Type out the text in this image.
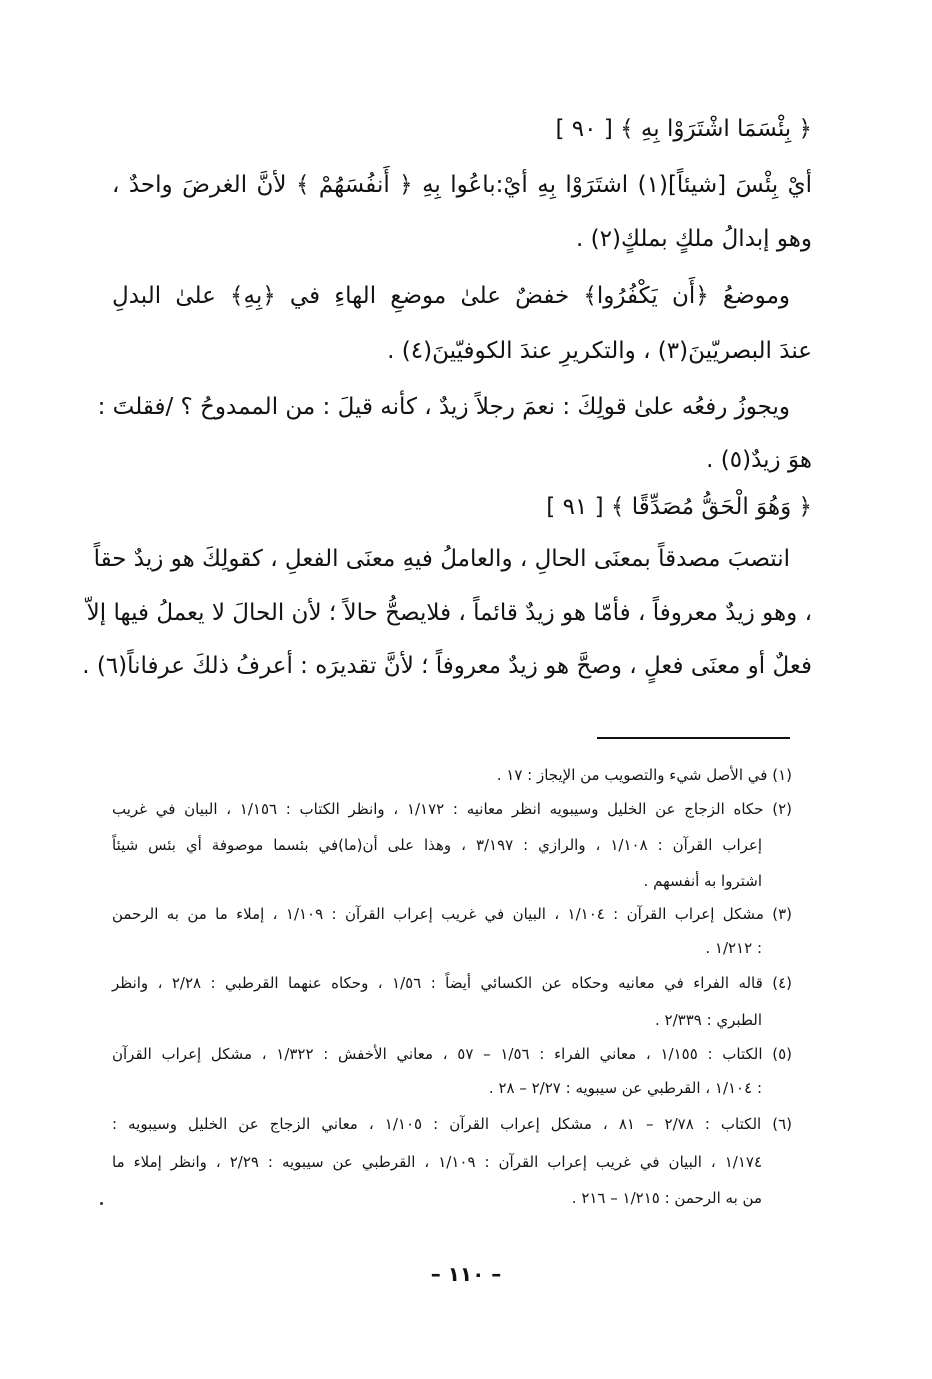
﴿ بِئْسَمَا اشْتَرَوْا بِهِ ﴾ [ ٩٠ ]
أيْ بِئْسَ [شيئاً](١) اشتَرَوْا بِهِ أيْ:باعُوا بِهِ ﴿ أَنفُسَهُمْ ﴾ لأنَّ الغرضَ واحدٌ ،
وهو إبدالُ ملكٍ بملكٍ(٢) .
وموضعُ ﴿أَن يَكْفُرُوا﴾ خفضٌ علىٰ موضعِ الهاءِ في ﴿بِهِ﴾ علىٰ البدلِ
عندَ البصريّينَ(٣) ، والتكريرِ عندَ الكوفيّينَ(٤) .
ويجوزُ رفعُه علىٰ قولِكَ : نعمَ رجلاً زيدٌ ، كأنه قيلَ : من الممدوحُ ؟ /فقلتَ :
هوَ زيدٌ(٥) .
﴿ وَهُوَ الْحَقُّ مُصَدِّقًا ﴾ [ ٩١ ]
انتصبَ مصدقاً بمعنَى الحالِ ، والعاملُ فيهِ معنَى الفعلِ ، كقولِكَ هو زيدٌ حقاً
، وهو زيدٌ معروفاً ، فأمّا هو زيدٌ قائماً ، فلايصحُّ حالاً ؛ لأن الحالَ لا يعملُ فيها إلاّ
فعلٌ أو معنَى فعلٍ ، وصحَّ هو زيدٌ معروفاً ؛ لأنَّ تقديرَه : أعرفُ ذلكَ عرفاناً(٦) .
(١) في الأصل شيء والتصويب من الإيجاز : ١٧ .
(٢) حكاه الزجاج عن الخليل وسيبويه انظر معانيه : ١/١٧٢ ، وانظر الكتاب : ١/١٥٦ ، البيان في غريب
إعراب القرآن : ١/١٠٨ ، والرازي : ٣/١٩٧ ، وهذا على أن(ما)في بئسما موصوفة أي بئس شيئاً
اشتروا به أنفسهم .
(٣) مشكل إعراب القرآن : ١/١٠٤ ، البيان في غريب إعراب القرآن : ١/١٠٩ ، إملاء ما من به الرحمن
: ١/٢١٢ .
(٤) قاله الفراء في معانيه وحكاه عن الكسائي أيضاً : ١/٥٦ ، وحكاه عنهما القرطبي : ٢/٢٨ ، وانظر
الطبري : ٢/٣٣٩ .
(٥) الكتاب : ١/١٥٥ ، معاني الفراء : ١/٥٦ – ٥٧ ، معاني الأخفش : ١/٣٢٢ ، مشكل إعراب القرآن
: ١/١٠٤ ، القرطبي عن سيبويه : ٢/٢٧ – ٢٨ .
(٦) الكتاب : ٢/٧٨ – ٨١ ، مشكل إعراب القرآن : ١/١٠٥ ، معاني الزجاج عن الخليل وسيبويه :
١/١٧٤ ، البيان في غريب إعراب القرآن : ١/١٠٩ ، القرطبي عن سيبويه : ٢/٢٩ ، وانظر إملاء ما
من به الرحمن : ١/٢١٥ – ٢١٦ .
– ١١٠ –
